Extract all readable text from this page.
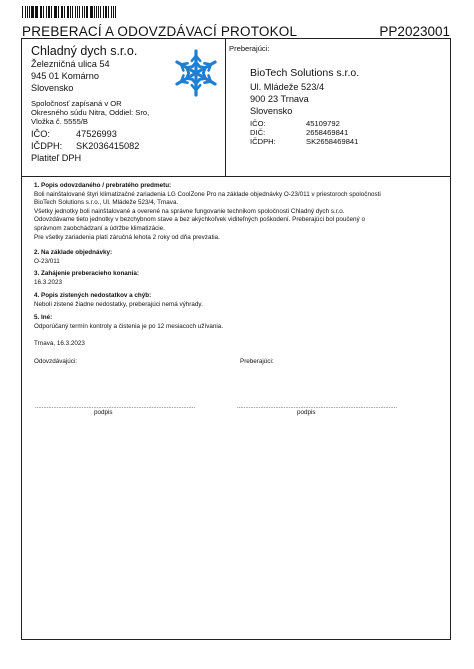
PREBERACÍ A ODOVZDÁVACÍ PROTOKOL	PP2023001
Chladný dych s.r.o.
Železničná ulica 54
945 01 Komárno
Slovensko
Spoločnosť zapísaná v OR
Okresného súdu Nitra, Oddiel: Sro,
Vložka č. 5555/B
IČO:	47526993
IČDPH: SK2036415082
Platiteľ DPH
Preberajúci:
BioTech Solutions s.r.o.
Ul. Mládeže 523/4
900 23 Trnava
Slovensko
IČO:	45109792
DIČ:	2658469841
IČDPH:	SK2658469841
1. Popis odovzdaného / prebratého predmetu:
Boli nainštalované štyri klimatizačné zariadenia LG CoolZone Pro na základe objednávky O-23/011 v priestoroch spoločnosti
BioTech Solutions s.r.o., Ul. Mládeže 523/4, Trnava.
Všetky jednotky boli nainštalované a overené na správne fungovanie technikom spoločnosti Chladný dych s.r.o.
Odovzdávame tieto jednotky v bezchybnom stave a bez akýchkoľvek viditeľných poškodení. Preberajúci bol poučený o
správnom zaobchádzaní a údržbe klimatizácie.
Pre všetky zariadenia platí záručná lehota 2 roky od dňa prevzatia.
2. Na základe objednávky:
O-23/011
3. Zahájenie preberacieho konania:
16.3.2023
4. Popis zistených nedostatkov a chýb:
Neboli zistené žiadne nedostatky, preberajúci nemá výhrady.
5. Iné:
Odporúčaný termín kontroly a čistenia je po 12 mesiacoch užívania.
Trnava, 16.3.2023
Odovzdávajúci:	Preberajúci:
................................................................................................	................................................................................................
podpis	podpis
